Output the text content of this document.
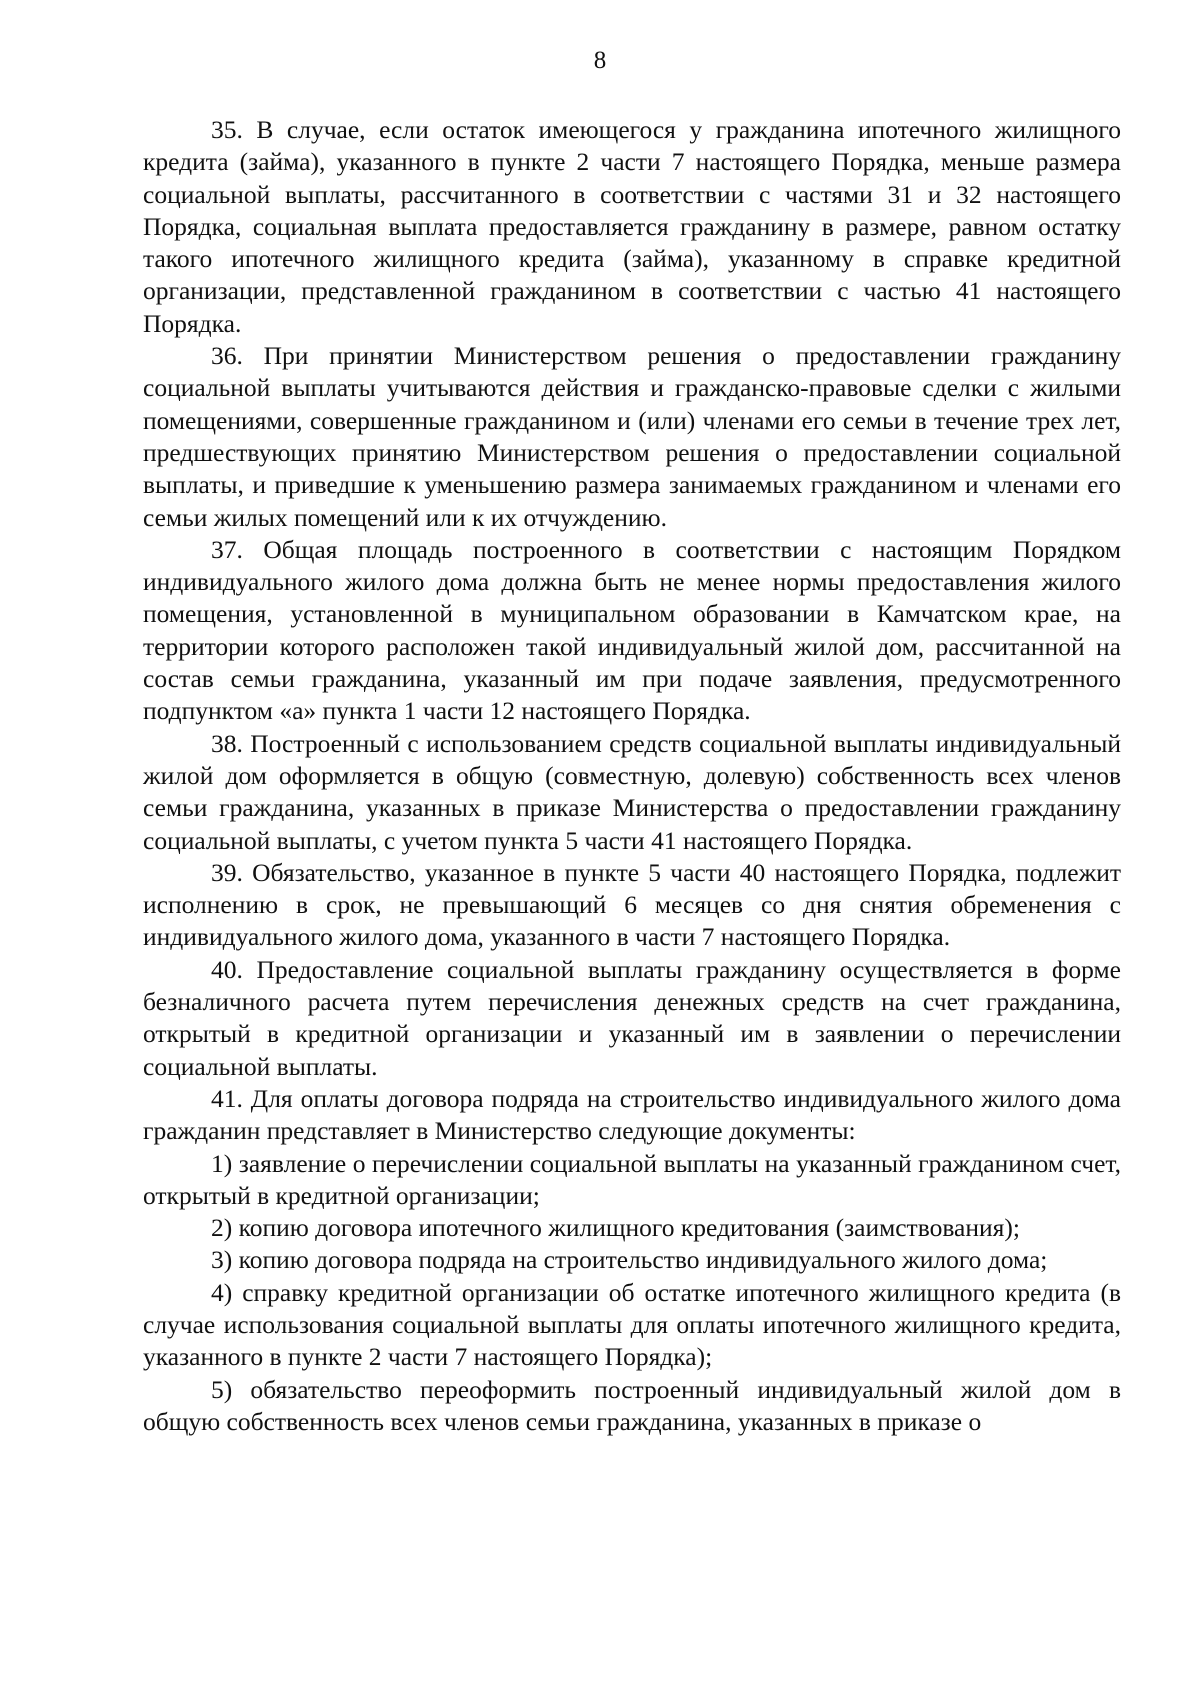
8

35. В случае, если остаток имеющегося у гражданина ипотечного жилищного кредита (займа), указанного в пункте 2 части 7 настоящего Порядка, меньше размера социальной выплаты, рассчитанного в соответствии с частями 31 и 32 настоящего Порядка, социальная выплата предоставляется гражданину в размере, равном остатку такого ипотечного жилищного кредита (займа), указанному в справке кредитной организации, представленной гражданином в соответствии с частью 41 настоящего Порядка.

36. При принятии Министерством решения о предоставлении гражданину социальной выплаты учитываются действия и гражданско-правовые сделки с жилыми помещениями, совершенные гражданином и (или) членами его семьи в течение трех лет, предшествующих принятию Министерством решения о предоставлении социальной выплаты, и приведшие к уменьшению размера занимаемых гражданином и членами его семьи жилых помещений или к их отчуждению.

37. Общая площадь построенного в соответствии с настоящим Порядком индивидуального жилого дома должна быть не менее нормы предоставления жилого помещения, установленной в муниципальном образовании в Камчатском крае, на территории которого расположен такой индивидуальный жилой дом, рассчитанной на состав семьи гражданина, указанный им при подаче заявления, предусмотренного подпунктом «а» пункта 1 части 12 настоящего Порядка.

38. Построенный с использованием средств социальной выплаты индивидуальный жилой дом оформляется в общую (совместную, долевую) собственность всех членов семьи гражданина, указанных в приказе Министерства о предоставлении гражданину социальной выплаты, с учетом пункта 5 части 41 настоящего Порядка.

39. Обязательство, указанное в пункте 5 части 40 настоящего Порядка, подлежит исполнению в срок, не превышающий 6 месяцев со дня снятия обременения с индивидуального жилого дома, указанного в части 7 настоящего Порядка.

40. Предоставление социальной выплаты гражданину осуществляется в форме безналичного расчета путем перечисления денежных средств на счет гражданина, открытый в кредитной организации и указанный им в заявлении о перечислении социальной выплаты.

41. Для оплаты договора подряда на строительство индивидуального жилого дома гражданин представляет в Министерство следующие документы:

1) заявление о перечислении социальной выплаты на указанный гражданином счет, открытый в кредитной организации;

2) копию договора ипотечного жилищного кредитования (заимствования);

3) копию договора подряда на строительство индивидуального жилого дома;

4) справку кредитной организации об остатке ипотечного жилищного кредита (в случае использования социальной выплаты для оплаты ипотечного жилищного кредита, указанного в пункте 2 части 7 настоящего Порядка);

5) обязательство переоформить построенный индивидуальный жилой дом в общую собственность всех членов семьи гражданина, указанных в приказе о
